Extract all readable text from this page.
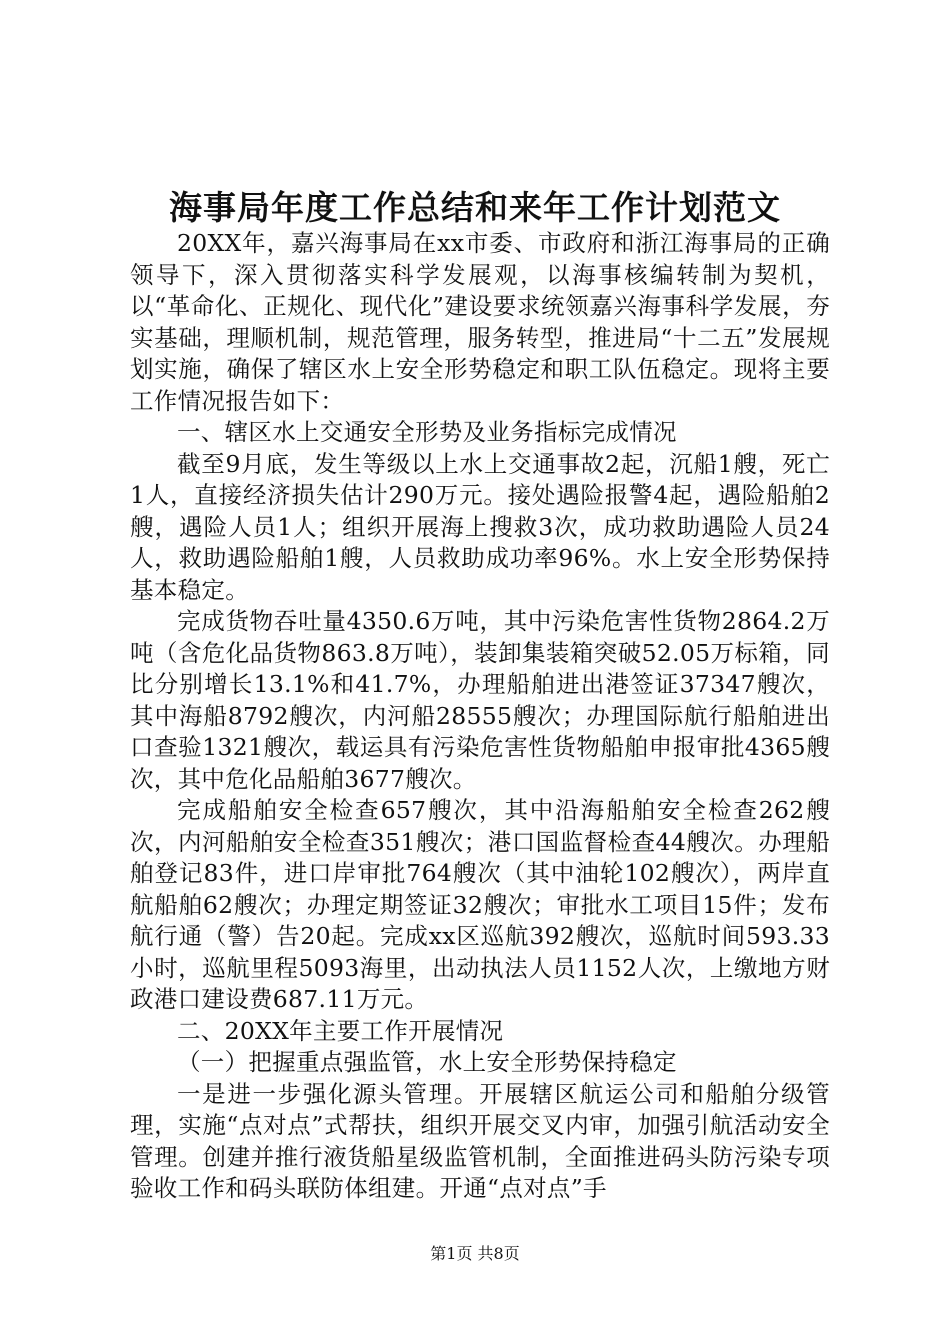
海事局年度工作总结和来年工作计划范文

20XX年，嘉兴海事局在xx市委、市政府和浙江海事局的正确领导下，深入贯彻落实科学发展观，以海事核编转制为契机，以“革命化、正规化、现代化”建设要求统领嘉兴海事科学发展，夯实基础，理顺机制，规范管理，服务转型，推进局“十二五”发展规划实施，确保了辖区水上安全形势稳定和职工队伍稳定。现将主要工作情况报告如下：

一、辖区水上交通安全形势及业务指标完成情况

截至9月底，发生等级以上水上交通事故2起，沉船1艘，死亡1人，直接经济损失估计290万元。接处遇险报警4起，遇险船舶2艘，遇险人员1人；组织开展海上搜救3次，成功救助遇险人员24人，救助遇险船舶1艘，人员救助成功率96%。水上安全形势保持基本稳定。

完成货物吞吐量4350.6万吨，其中污染危害性货物2864.2万吨（含危化品货物863.8万吨），装卸集装箱突破52.05万标箱，同比分别增长13.1%和41.7%，办理船舶进出港签证37347艘次，其中海船8792艘次，内河船28555艘次；办理国际航行船舶进出口查验1321艘次，载运具有污染危害性货物船舶申报审批4365艘次，其中危化品船舶3677艘次。

完成船舶安全检查657艘次，其中沿海船舶安全检查262艘次，内河船舶安全检查351艘次；港口国监督检查44艘次。办理船舶登记83件，进口岸审批764艘次（其中油轮102艘次），两岸直航船舶62艘次；办理定期签证32艘次；审批水工项目15件；发布航行通（警）告20起。完成xx区巡航392艘次，巡航时间593.33小时，巡航里程5093海里，出动执法人员1152人次，上缴地方财政港口建设费687.11万元。

二、20XX年主要工作开展情况

（一）把握重点强监管，水上安全形势保持稳定

一是进一步强化源头管理。开展辖区航运公司和船舶分级管理，实施“点对点”式帮扶，组织开展交叉内审，加强引航活动安全管理。创建并推行液货船星级监管机制，全面推进码头防污染专项验收工作和码头联防体组建。开通“点对点”手

第1页 共8页
